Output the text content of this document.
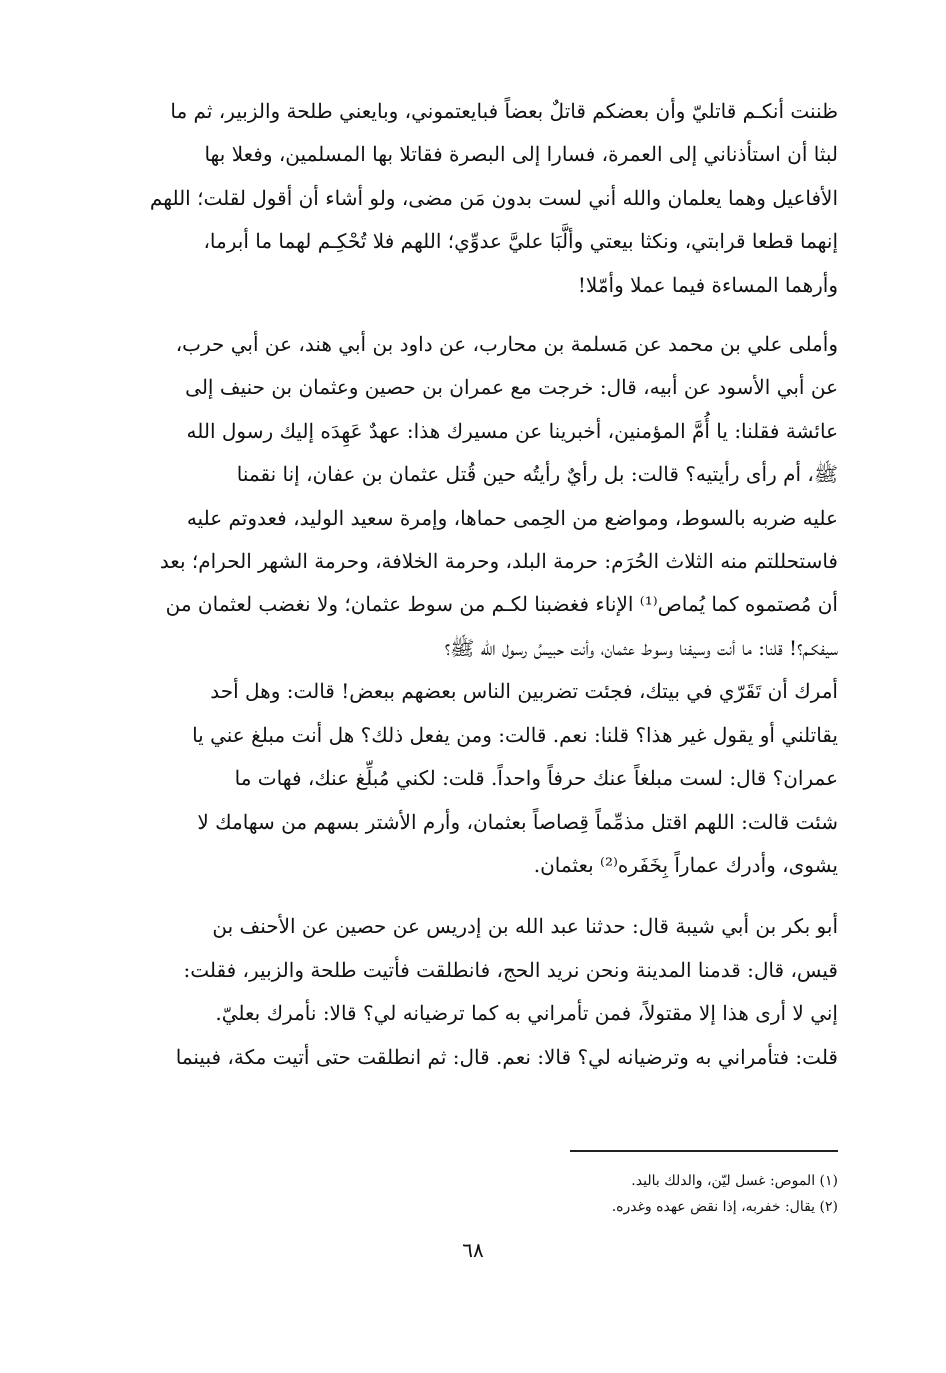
ظننت أنكـم قاتليّ وأن بعضكم قاتلٌ بعضاً فبايعتموني، وبايعني طلحة والزبير، ثم ما

لبثا أن استأذناني إلى العمرة، فسارا إلى البصرة فقاتلا بها المسلمين، وفعلا بها

الأفاعيل وهما يعلمان والله أني لست بدون مَن مضى، ولو أشاء أن أقول لقلت؛ اللهم

إنهما قطعا قرابتي، ونكثا بيعتي وألَّبَا عليَّ عدوِّي؛ اللهم فلا تُحْكِـم لهما ما أبرما،

وأرهما المساءة فيما عملا وأمّلا!

وأملى علي بن محمد عن مَسلمة بن محارب، عن داود بن أبي هند، عن أبي حرب،

عن أبي الأسود عن أبيه، قال: خرجت مع عمران بن حصين وعثمان بن حنيف إلى

عائشة فقلنا: يا أُمَّ المؤمنين، أخبرينا عن مسيرك هذا: عهدٌ عَهِدَه إليك رسول الله

ﷺ، أم رأى رأيتيه؟ قالت: بل رأيٌ رأيتُه حين قُتل عثمان بن عفان، إنا نقمنا

عليه ضربه بالسوط، ومواضع من الحِمى حماها، وإمرة سعيد الوليد، فعدوتم عليه

فاستحللتم منه الثلاث الحُرَم: حرمة البلد، وحرمة الخلافة، وحرمة الشهر الحرام؛ بعد

أن مُصتموه كما يُماص⁽¹⁾ الإناء فغضبنا لكـم من سوط عثمان؛ ولا نغضب لعثمان من

سيفكـم؟! قلنا: ما أنت وسيفنا وسوط عثمان، وأنت حبيسُ رسول الله ﷺ؟

أمرك أن تَقَرّي في بيتك، فجئت تضربين الناس بعضهم ببعض! قالت: وهل أحد

يقاتلني أو يقول غير هذا؟ قلنا: نعم. قالت: ومن يفعل ذلك؟ هل أنت مبلغ عني يا

عمران؟ قال: لست مبلغاً عنك حرفاً واحداً. قلت: لكني مُبلِّغ عنك، فهات ما

شئت قالت: اللهم اقتل مذمِّماً قِصاصاً بعثمان، وأرم الأشتر بسهم من سهامك لا

يشوى، وأدرك عماراً بِخَفَره⁽²⁾ بعثمان.

أبو بكر بن أبي شيبة قال: حدثنا عبد الله بن إدريس عن حصين عن الأحنف بن

قيس، قال: قدمنا المدينة ونحن نريد الحج، فانطلقت فأتيت طلحة والزبير، فقلت:

إني لا أرى هذا إلا مقتولاً، فمن تأمراني به كما ترضيانه لي؟ قالا: نأمرك بعليّ.

قلت: فتأمراني به وترضيانه لي؟ قالا: نعم. قال: ثم انطلقت حتى أتيت مكة، فبينما

(١) الموص: غسل ليّن، والدلك باليد.
(٢) يقال: خفربه، إذا نقض عهده وغدره.
٦٨
